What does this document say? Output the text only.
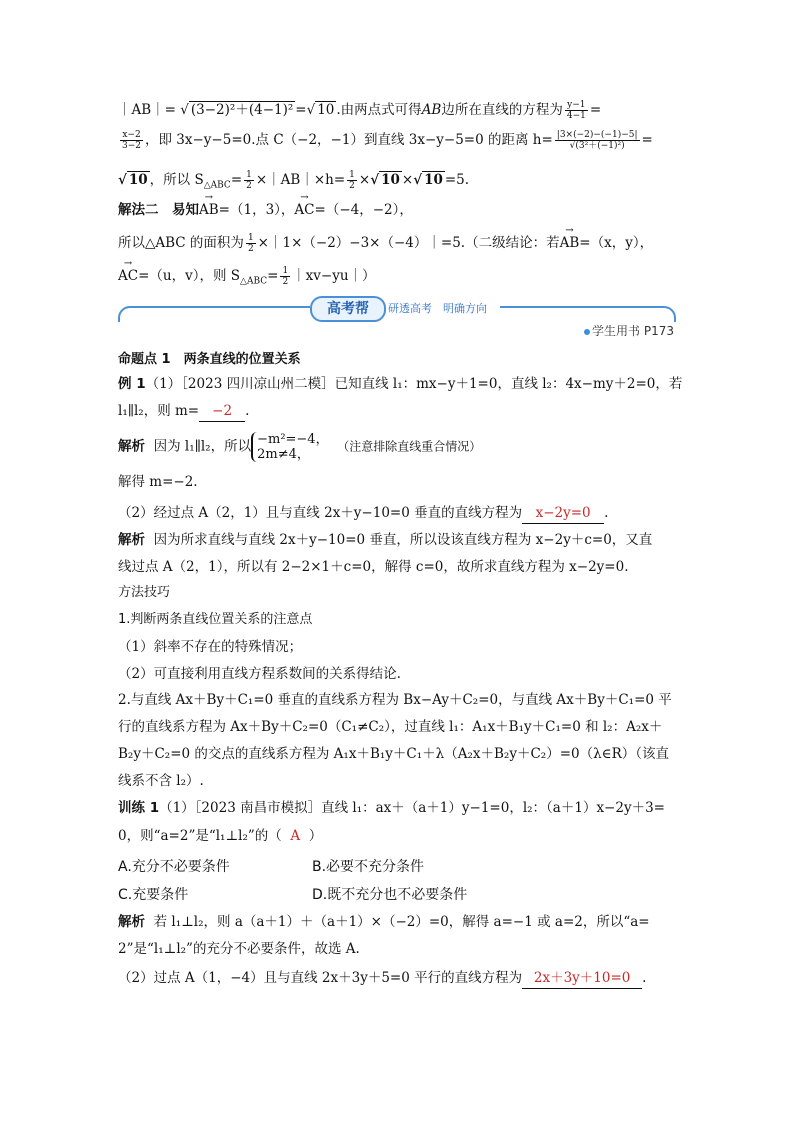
｜AB｜= √ (3−2)²＋(4−1)² =√ 10 .由两点式可得AB边所在直线的方程为 $\frac{y-1}{4-1}$ =
$\frac{x-2}{3-2}$ ，即 3x−y−5=0.点 C（−2，−1）到直线 3x−y−5=0 的距离 $h= \frac{|3\times(-2)-(-1)-5|}{\text{√(3²＋(−1)²)}}$ =
√ 10 ，所以 $S_{\triangle ABC}= \frac{1}{2}$ ×｜AB｜×h= $\frac{1}{2}$ ×√ 10 ×√ 10 =5.
解法二　易知→ AB=（1，3），→ AC=（−4，−2），
所以△ABC 的面积为 $\frac{1}{2}$ ×｜1×（−2）−3×（−4）｜=5.（二级结论：若→ AB=（x，y），
→ AC=（u，v），则 $S_{\triangle ABC}= \frac{1}{2}$ ｜xv−yu｜）
高考帮	研透高考　明确方向
学生用书 P173
命题点 1　两条直线的位置关系
例 1（1）［2023 四川凉山州二模］已知直线 l₁：mx−y＋1=0，直线 l₂：4x−my＋2=0，若
l₁∥l₂，则 m= −2 .
解析 因为 l₁∥l₂，所以 −m²=−4，
2m≠4，
（注意排除直线重合情况）
解得 m=−2.
（2）经过点 A（2，1）且与直线 2x＋y−10=0 垂直的直线方程为 x−2y=0 .
解析 因为所求直线与直线 2x＋y−10=0 垂直，所以设该直线方程为 x−2y＋c=0，又直
线过点 A（2，1），所以有 2−2×1＋c=0，解得 c=0，故所求直线方程为 x−2y=0.
方法技巧
1.判断两条直线位置关系的注意点
（1）斜率不存在的特殊情况；
（2）可直接利用直线方程系数间的关系得结论.
2.与直线 Ax＋By＋C₁=0 垂直的直线系方程为 Bx−Ay＋C₂=0，与直线 Ax＋By＋C₁=0 平
行的直线系方程为 Ax＋By＋C₂=0（C₁≠C₂），过直线 l₁：A₁x＋B₁y＋C₁=0 和 l₂：A₂x＋
B₂y＋C₂=0 的交点的直线系方程为 A₁x＋B₁y＋C₁＋λ（A₂x＋B₂y＋C₂）=0（λ∈R）（该直
线系不含 l₂）.
训练 1（1）［2023 南昌市模拟］直线 l₁：ax＋（a＋1）y−1=0，l₂：（a＋1）x−2y＋3=
0，则“a=2”是“l₁⊥l₂”的（ A ）
A.充分不必要条件	B.必要不充分条件
C.充要条件	D.既不充分也不必要条件
解析 若 l₁⊥l₂，则 a（a＋1）＋（a＋1）×（−2）=0，解得 a=−1 或 a=2，所以“a=
2”是“l₁⊥l₂”的充分不必要条件，故选 A.
（2）过点 A（1，−4）且与直线 2x＋3y＋5=0 平行的直线方程为 2x＋3y＋10=0 .
